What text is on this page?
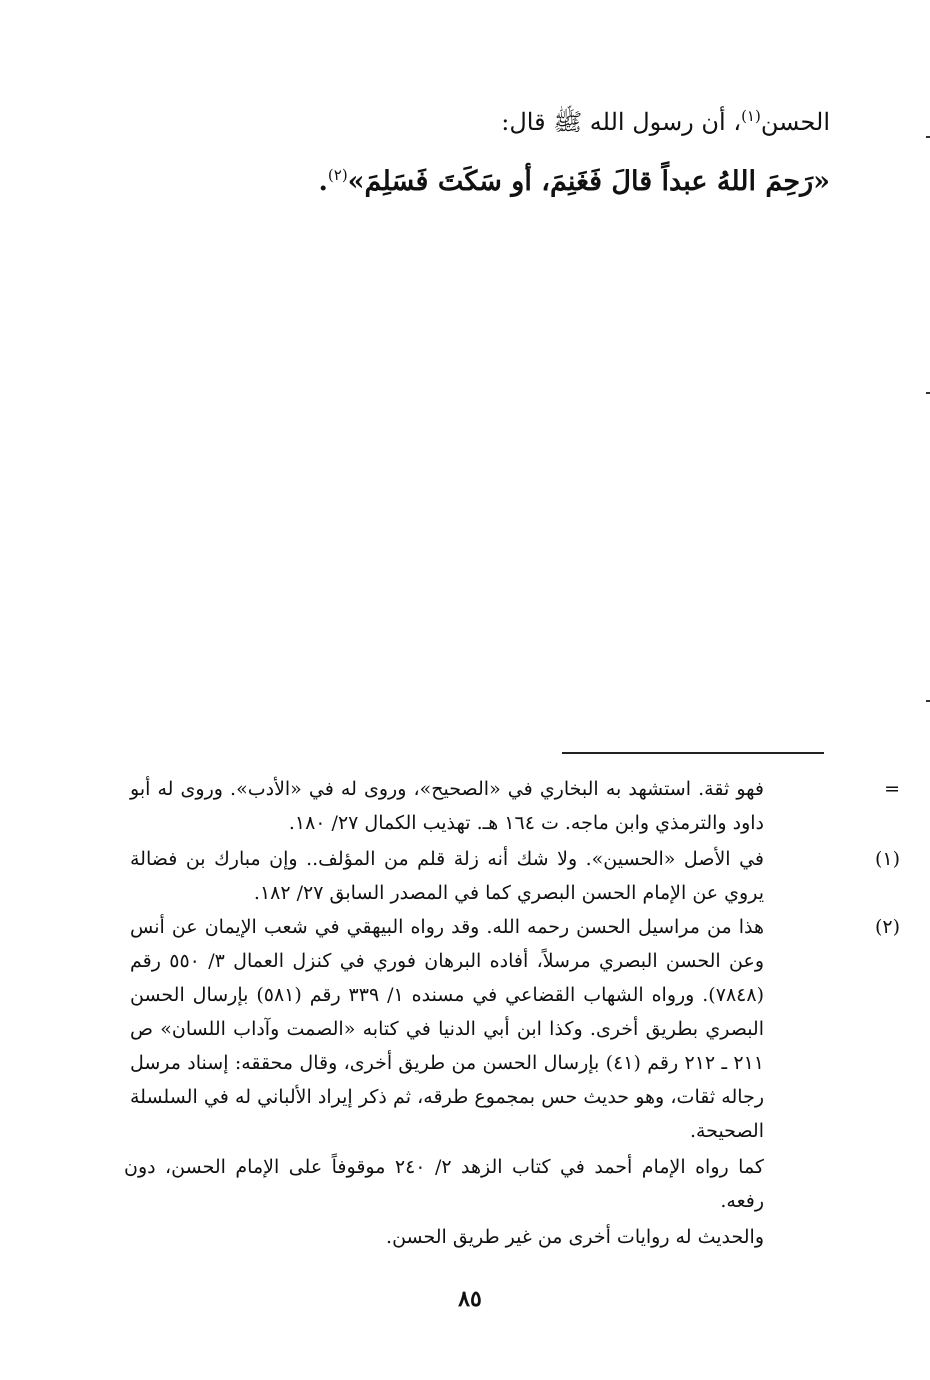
الحسن$^{(١)}$، أن رسول الله ﷺ قال:
«رَحِمَ اللهُ عبداً قالَ فَغَنِمَ، أو سَكَتَ فَسَلِمَ»$^{(٢)}$.
=
فهو ثقة. استشهد به البخاري في «الصحيح»، وروى له في «الأدب». وروى له أبو داود والترمذي وابن ماجه. ت ١٦٤ هـ. تهذيب الكمال ٢٧/ ١٨٠.
(١)
في الأصل «الحسين». ولا شك أنه زلة قلم من المؤلف.. وإن مبارك بن فضالة يروي عن الإمام الحسن البصري كما في المصدر السابق ٢٧/ ١٨٢.
(٢)
هذا من مراسيل الحسن رحمه الله. وقد رواه البيهقي في شعب الإيمان عن أنس وعن الحسن البصري مرسلاً، أفاده البرهان فوري في كنزل العمال ٣/ ٥٥٠ رقم (٧٨٤٨). ورواه الشهاب القضاعي في مسنده ١/ ٣٣٩ رقم (٥٨١) بإرسال الحسن البصري بطريق أخرى. وكذا ابن أبي الدنيا في كتابه «الصمت وآداب اللسان» ص ٢١١ ـ ٢١٢ رقم (٤١) بإرسال الحسن من طريق أخرى، وقال محققه: إسناد مرسل رجاله ثقات، وهو حديث حس بمجموع طرقه، ثم ذكر إيراد الألباني له في السلسلة الصحيحة.
كما رواه الإمام أحمد في كتاب الزهد ٢/ ٢٤٠ موقوفاً على الإمام الحسن، دون رفعه.
والحديث له روايات أخرى من غير طريق الحسن.
٨٥
